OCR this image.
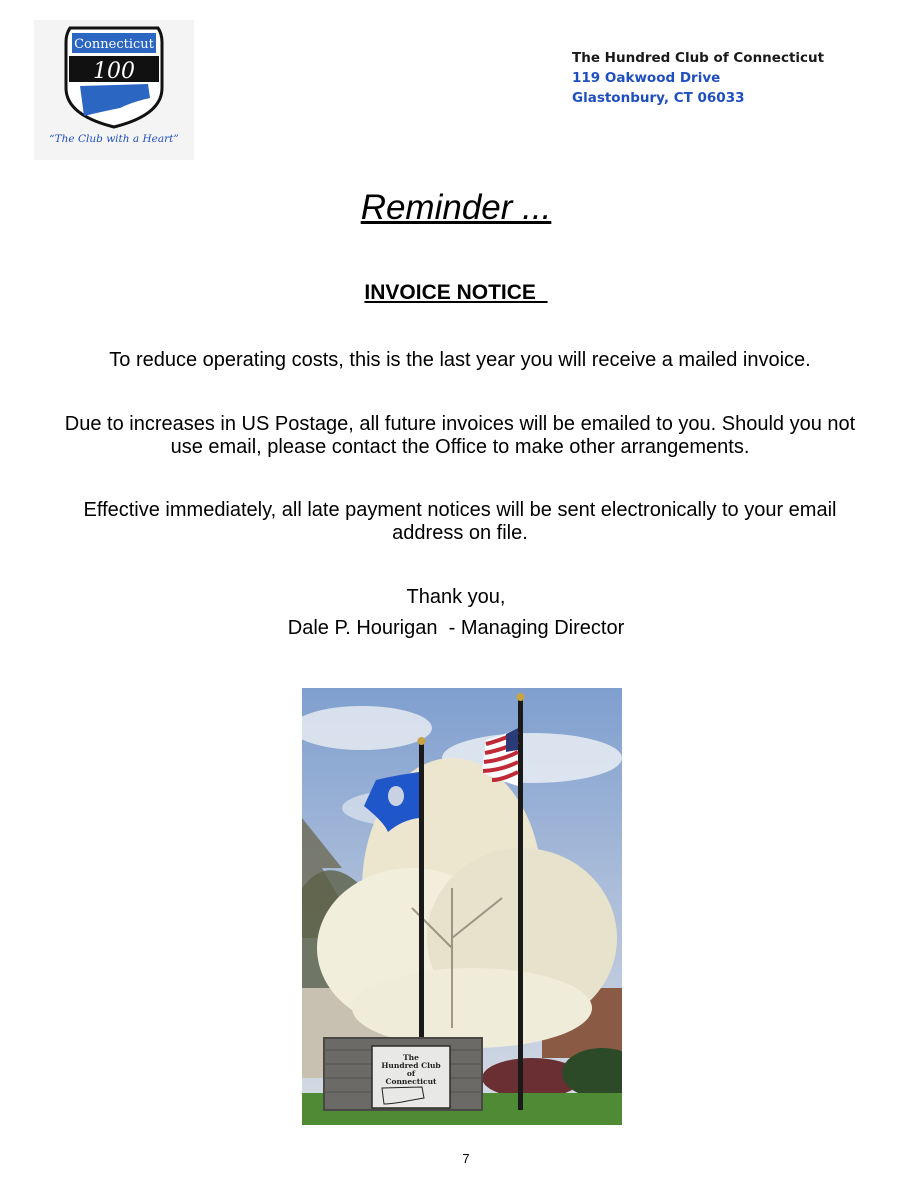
Connecticut
100
“The Club with a Heart”
The Hundred Club of Connecticut
119 Oakwood Drive
Glastonbury, CT 06033
Reminder ...
INVOICE NOTICE
To reduce operating costs, this is the last year you will receive a mailed invoice.
Due to increases in US Postage, all future invoices will be emailed to you. Should you not use email, please contact the Office to make other arrangements.
Effective immediately, all late payment notices will be sent electronically to your email address on file.
Thank you,
Dale P. Hourigan  - Managing Director
The
Hundred Club
of
Connecticut
7
